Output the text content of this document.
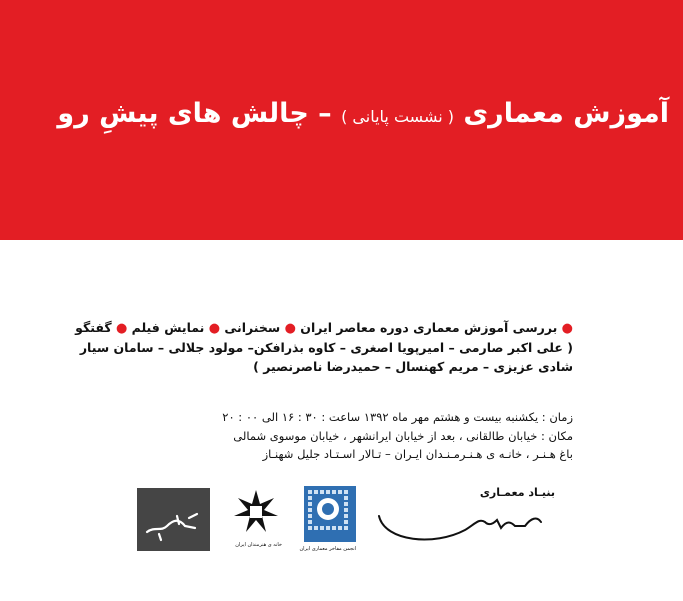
آموزش معماری ( نشست پایانی ) – چالش های پیشِ رو
● بررسی آموزش معماری دوره معاصر ایران ● سخنرانی ● نمایش فیلم ● گفتگو
( علی اکبر صارمی – امیرپویا اصغری – کاوه بذرافکن– مولود جلالی – سامان سیار
شادی عزیزی – مریم کهنسال – حمیدرضا ناصرنصیر )
زمان : یکشنبه بیست و هشتم مهر ماه ۱۳۹۲ ساعت : ۳۰ : ۱۶ الی ۰۰ : ۲۰
مکان : خیابان طالقانی ، بعد از خیابان ایرانشهر ، خیابان موسوی شمالی
باغ هـنـر ، خانـه ی هـنـرمـنـدان ایـران – تـالار اسـتـاد جلیل شهنـاز
خانه ی هنرمندان ایران
انجمن مفاخر معماری ایران
بنیـاد معمـاری
